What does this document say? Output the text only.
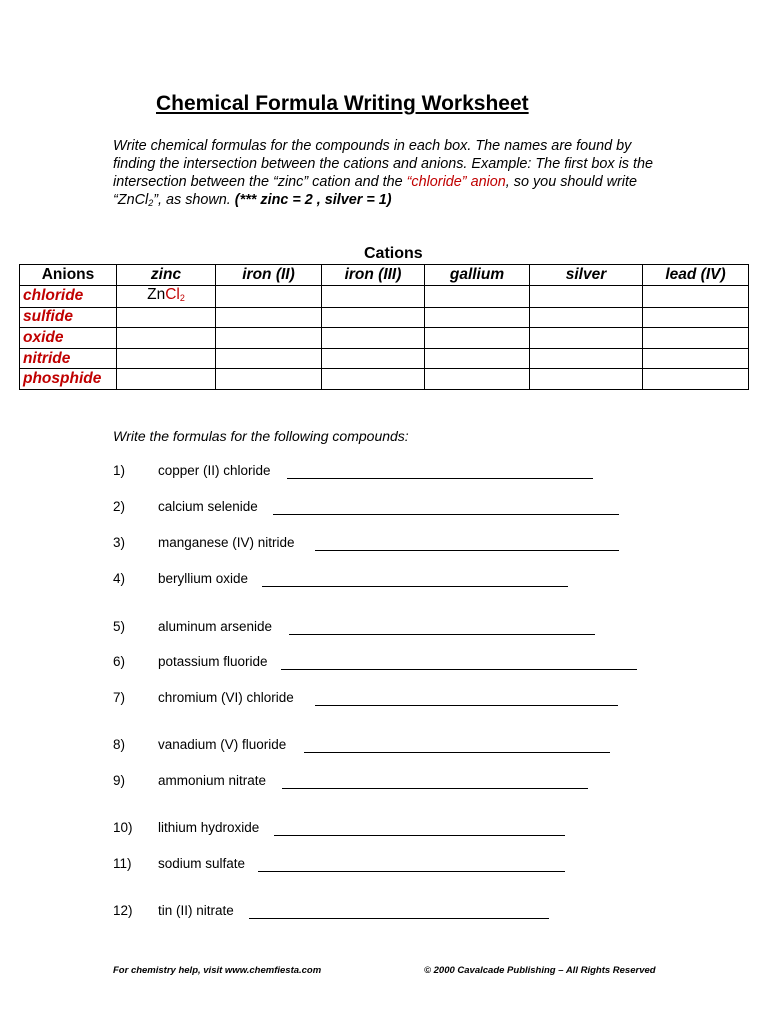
Chemical Formula Writing Worksheet
Write chemical formulas for the compounds in each box. The names are found by finding the intersection between the cations and anions. Example: The first box is the intersection between the “zinc” cation and the “chloride” anion, so you should write “ZnCl$_2$”, as shown. (*** zinc = 2 , silver = 1)
Cations
Anions	zinc	iron (II)	iron (III)	gallium	silver	lead (IV)
chloride	ZnCl$_2$					
sulfide						
oxide						
nitride						
phosphide						
Write the formulas for the following compounds:
1) copper (II) chloride
2) calcium selenide
3) manganese (IV) nitride
4) beryllium oxide
5) aluminum arsenide
6) potassium fluoride
7) chromium (VI) chloride
8) vanadium (V) fluoride
9) ammonium nitrate
10) lithium hydroxide
11) sodium sulfate
12) tin (II) nitrate
For chemistry help, visit www.chemfiesta.com	© 2000 Cavalcade Publishing – All Rights Reserved
